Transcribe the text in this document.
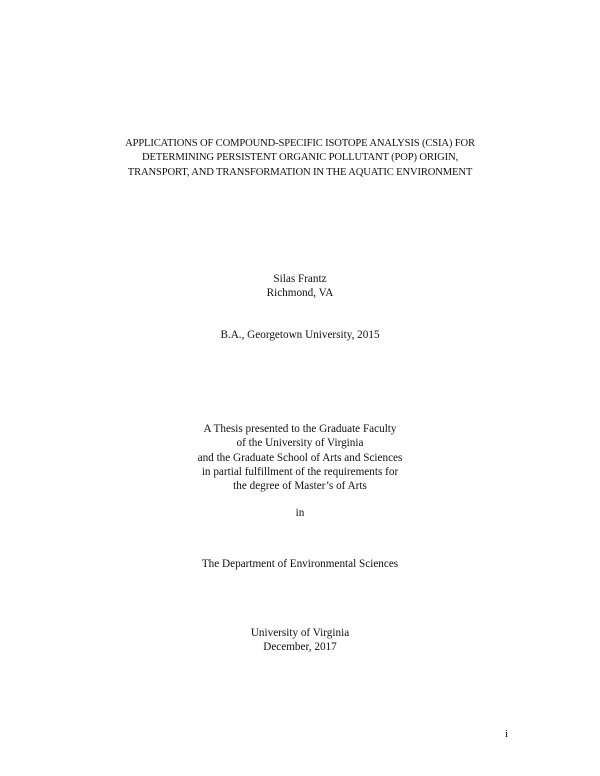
APPLICATIONS OF COMPOUND-SPECIFIC ISOTOPE ANALYSIS (CSIA) FOR
DETERMINING PERSISTENT ORGANIC POLLUTANT (POP) ORIGIN,
TRANSPORT, AND TRANSFORMATION IN THE AQUATIC ENVIRONMENT
Silas Frantz
Richmond, VA
B.A., Georgetown University, 2015
A Thesis presented to the Graduate Faculty
of the University of Virginia
and the Graduate School of Arts and Sciences
in partial fulfillment of the requirements for
the degree of Master’s of Arts
in
The Department of Environmental Sciences
University of Virginia
December, 2017
i
